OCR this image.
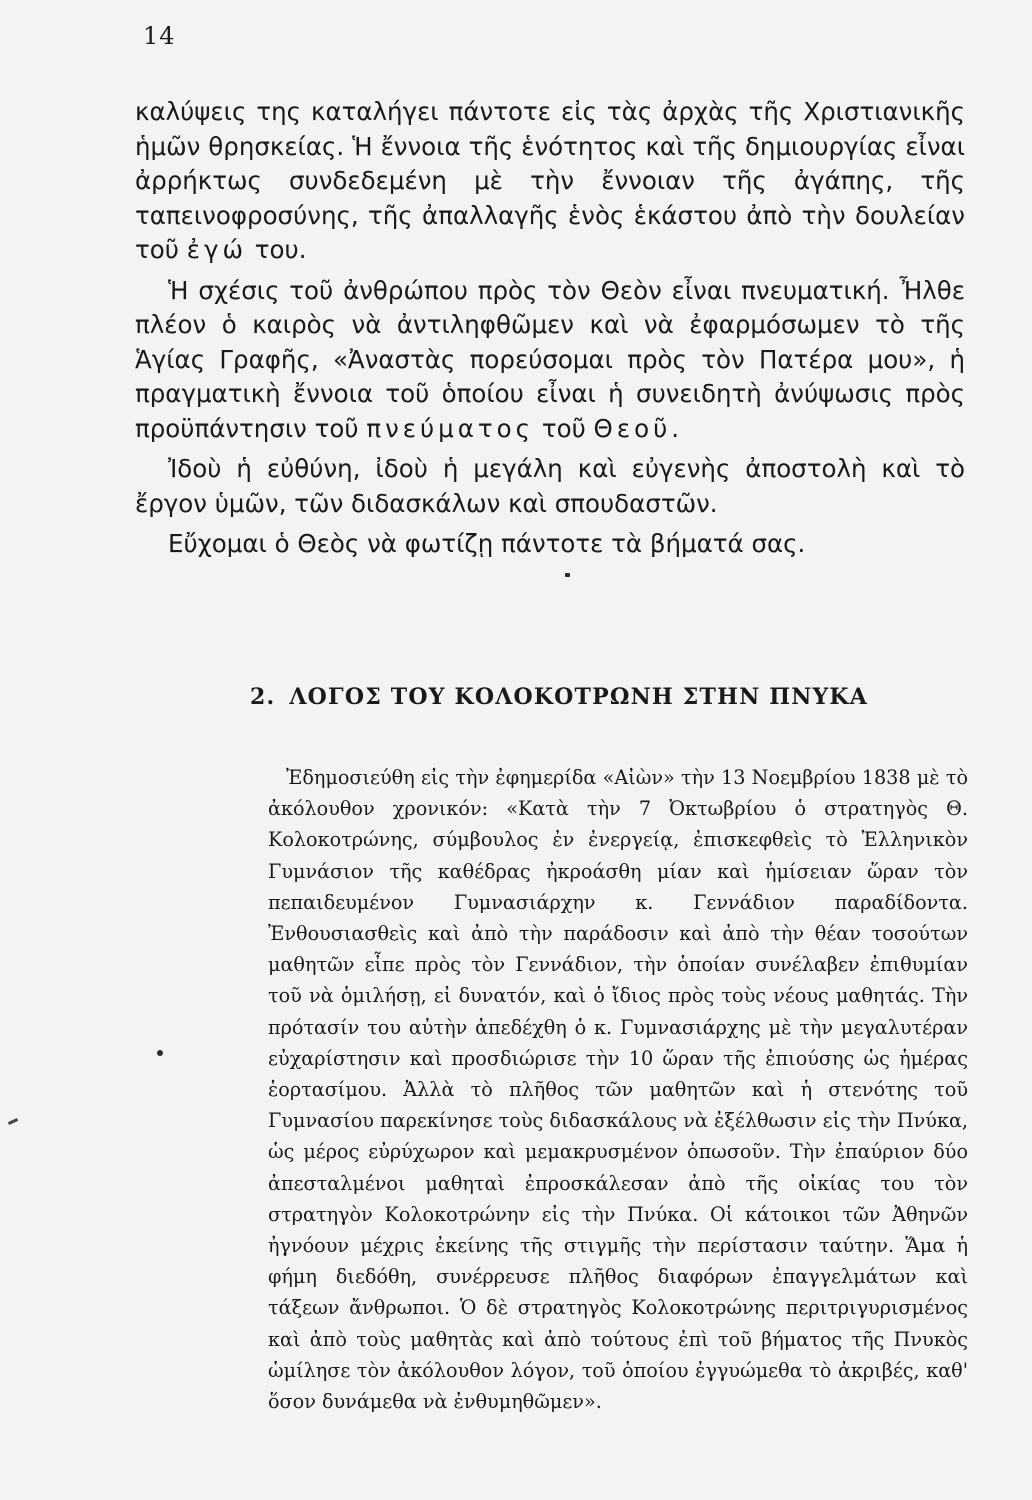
14

καλύψεις της καταλήγει πάντοτε εἰς τὰς ἀρχὰς τῆς Χριστιανικῆς ἡμῶν θρησκείας. Ἡ ἔννοια τῆς ἑνότητος καὶ τῆς δημιουργίας εἶναι ἀρρήκτως συνδεδεμένη μὲ τὴν ἔννοιαν τῆς ἀγάπης, τῆς ταπεινοφροσύνης, τῆς ἀπαλλαγῆς ἑνὸς ἑκάστου ἀπὸ τὴν δουλείαν τοῦ ἐγώ του.

Ἡ σχέσις τοῦ ἀνθρώπου πρὸς τὸν Θεὸν εἶναι πνευματική. Ἦλθε πλέον ὁ καιρὸς νὰ ἀντιληφθῶμεν καὶ νὰ ἐφαρμόσωμεν τὸ τῆς Ἁγίας Γραφῆς, «Ἀναστὰς πορεύσομαι πρὸς τὸν Πατέρα μου», ἡ πραγματικὴ ἔννοια τοῦ ὁποίου εἶναι ἡ συνειδητὴ ἀνύψωσις πρὸς προϋπάντησιν τοῦ πνεύματος τοῦ Θεοῦ.

Ἰδοὺ ἡ εὐθύνη, ἰδοὺ ἡ μεγάλη καὶ εὐγενὴς ἀποστολὴ καὶ τὸ ἔργον ὑμῶν, τῶν διδασκάλων καὶ σπουδαστῶν.

Εὔχομαι ὁ Θεὸς νὰ φωτίζῃ πάντοτε τὰ βήματά σας.

2. ΛΟΓΟΣ ΤΟΥ ΚΟΛΟΚΟΤΡΩΝΗ ΣΤΗΝ ΠΝΥΚΑ

Ἐδημοσιεύθη εἰς τὴν ἐφημερίδα «Αἰὼν» τὴν 13 Νοεμβρίου 1838 μὲ τὸ ἀκόλουθον χρονικόν: «Κατὰ τὴν 7 Ὀκτωβρίου ὁ στρατηγὸς Θ. Κολοκοτρώνης, σύμβουλος ἐν ἐνεργείᾳ, ἐπισκεφθεὶς τὸ Ἑλληνικὸν Γυμνάσιον τῆς καθέδρας ἠκροάσθη μίαν καὶ ἡμίσειαν ὥραν τὸν πεπαιδευμένον Γυμνασιάρχην κ. Γεννάδιον παραδίδοντα. Ἐνθουσιασθεὶς καὶ ἀπὸ τὴν παράδοσιν καὶ ἀπὸ τὴν θέαν τοσούτων μαθητῶν εἶπε πρὸς τὸν Γεννάδιον, τὴν ὁποίαν συνέλαβεν ἐπιθυμίαν τοῦ νὰ ὁμιλήσῃ, εἰ δυνατόν, καὶ ὁ ἴδιος πρὸς τοὺς νέους μαθητάς. Τὴν πρότασίν του αὐτὴν ἀπεδέχθη ὁ κ. Γυμνασιάρχης μὲ τὴν μεγαλυτέραν εὐχαρίστησιν καὶ προσδιώρισε τὴν 10 ὥραν τῆς ἐπιούσης ὡς ἡμέρας ἑορτασίμου. Ἀλλὰ τὸ πλῆθος τῶν μαθητῶν καὶ ἡ στενότης τοῦ Γυμνασίου παρεκίνησε τοὺς διδασκάλους νὰ ἐξέλθωσιν εἰς τὴν Πνύκα, ὡς μέρος εὐρύχωρον καὶ μεμακρυσμένον ὁπωσοῦν. Τὴν ἐπαύριον δύο ἀπεσταλμένοι μαθηταὶ ἐπροσκάλεσαν ἀπὸ τῆς οἰκίας του τὸν στρατηγὸν Κολοκοτρώνην εἰς τὴν Πνύκα. Οἱ κάτοικοι τῶν Ἀθηνῶν ἠγνόουν μέχρις ἐκείνης τῆς στιγμῆς τὴν περίστασιν ταύτην. Ἅμα ἡ φήμη διεδόθη, συνέρρευσε πλῆθος διαφόρων ἐπαγγελμάτων καὶ τάξεων ἄνθρωποι. Ὁ δὲ στρατηγὸς Κολοκοτρώνης περιτριγυρισμένος καὶ ἀπὸ τοὺς μαθητὰς καὶ ἀπὸ τούτους ἐπὶ τοῦ βήματος τῆς Πνυκὸς ὡμίλησε τὸν ἀκόλουθον λόγον, τοῦ ὁποίου ἐγγυώμεθα τὸ ἀκριβές, καθ' ὅσον δυνάμεθα νὰ ἐνθυμηθῶμεν».
